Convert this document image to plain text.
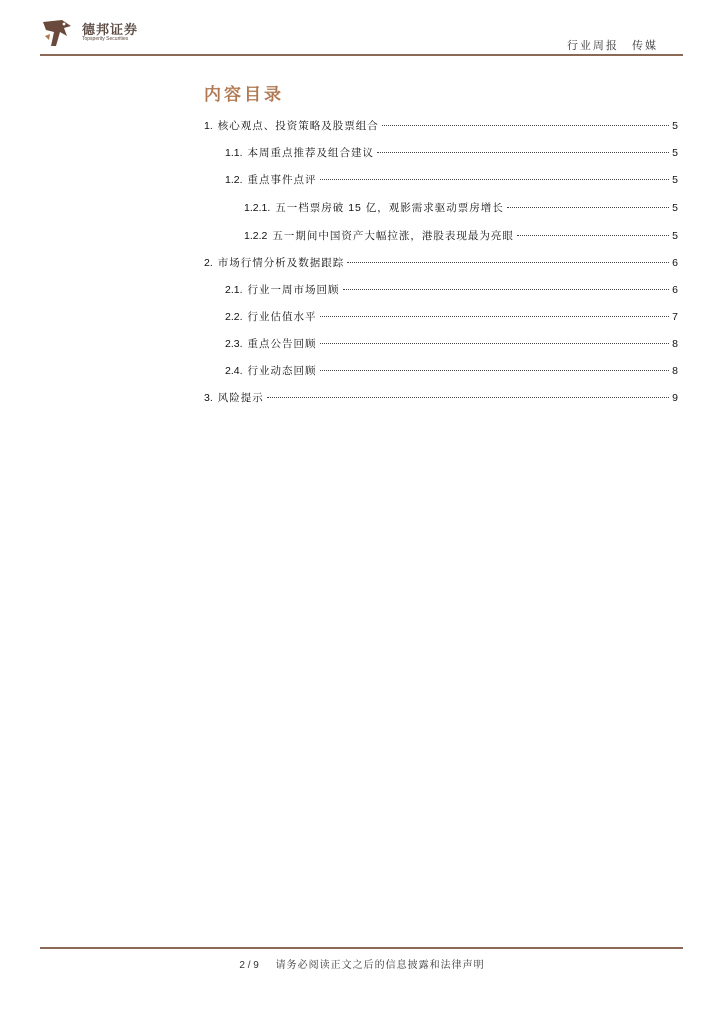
德邦证券
Topsperity Securities
行业周报 传媒
内容目录
1. 核心观点、投资策略及股票组合	5
1.1. 本周重点推荐及组合建议	5
1.2. 重点事件点评	5
1.2.1. 五一档票房破 15 亿，观影需求驱动票房增长	5
1.2.2 五一期间中国资产大幅拉涨，港股表现最为亮眼	5
2. 市场行情分析及数据跟踪	6
2.1. 行业一周市场回顾	6
2.2. 行业估值水平	7
2.3. 重点公告回顾	8
2.4. 行业动态回顾	8
3. 风险提示	9
2 / 9 请务必阅读正文之后的信息披露和法律声明
